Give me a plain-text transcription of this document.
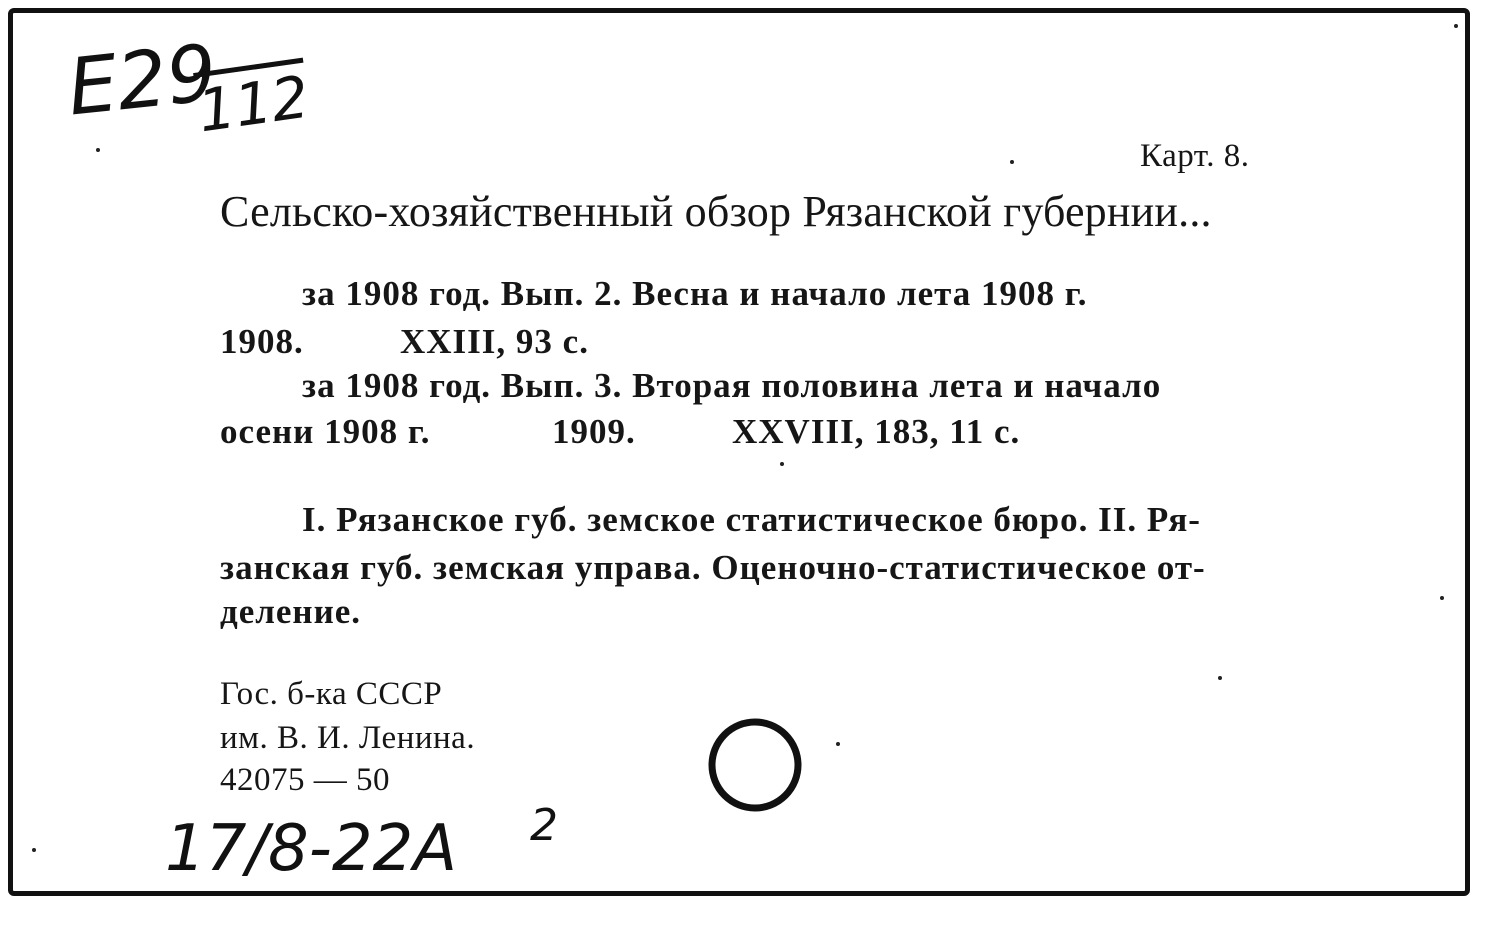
E29
112
Карт. 8.
Сельско-хозяйственный обзор Рязанской губернии...
за 1908 год. Вып. 2. Весна и начало лета 1908 г.
1908.	XXIII, 93 с.
за 1908 год. Вып. 3. Вторая половина лета и начало
осени 1908 г.	1909.	XXVIII, 183, 11 с.
I. Рязанское губ. земское статистическое бюро. II. Ря-
занская губ. земская управа. Оценочно-статистическое от-
деление.
Гос. б-ка СССР
им. В. И. Ленина.
42075 — 50
17/8-22A 2
